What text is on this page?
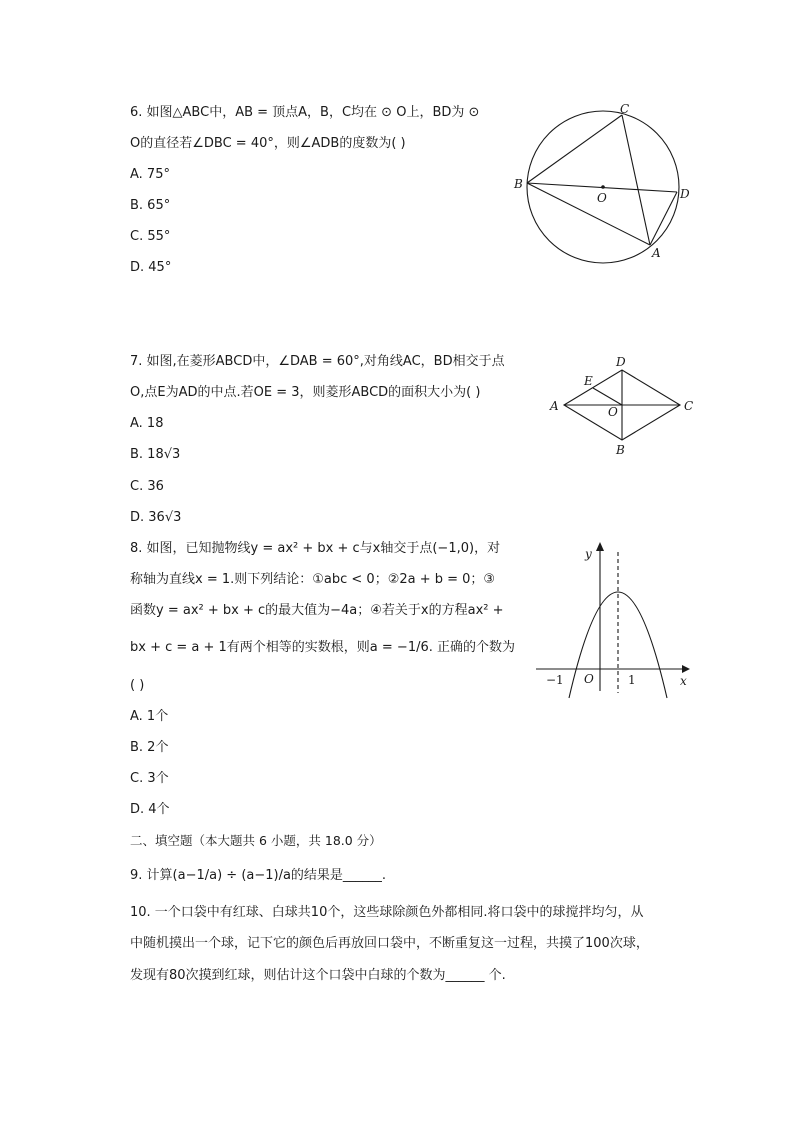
6. 如图△ABC中，AB = 顶点A，B，C均在 ⊙ O上，BD为 ⊙
O的直径若∠DBC = 40°，则∠ADB的度数为( )
A. 75°
B. 65°
C. 55°
D. 45°
B
C
D
A
O
7. 如图,在菱形ABCD中，∠DAB = 60°,对角线AC，BD相交于点
O,点E为AD的中点.若OE = 3，则菱形ABCD的面积大小为( )
A. 18
B. 18√3
C. 36
D. 36√3
D
E
A	O	C
B
8. 如图，已知抛物线y = ax² + bx + c与x轴交于点(−1,0)，对
称轴为直线x = 1.则下列结论：①abc < 0；②2a + b = 0；③
函数y = ax² + bx + c的最大值为−4a；④若关于x的方程ax² +
bx + c = a + 1有两个相等的实数根，则a = −1/6. 正确的个数为
( )
A. 1个
B. 2个
C. 3个
D. 4个
y
x
O
−1	1
二、填空题（本大题共 6 小题，共 18.0 分）
9. 计算(a−1/a) ÷ (a−1)/a的结果是______.
10. 一个口袋中有红球、白球共10个，这些球除颜色外都相同.将口袋中的球搅拌均匀，从
中随机摸出一个球，记下它的颜色后再放回口袋中，不断重复这一过程，共摸了100次球，
发现有80次摸到红球，则估计这个口袋中白球的个数为______ 个.
